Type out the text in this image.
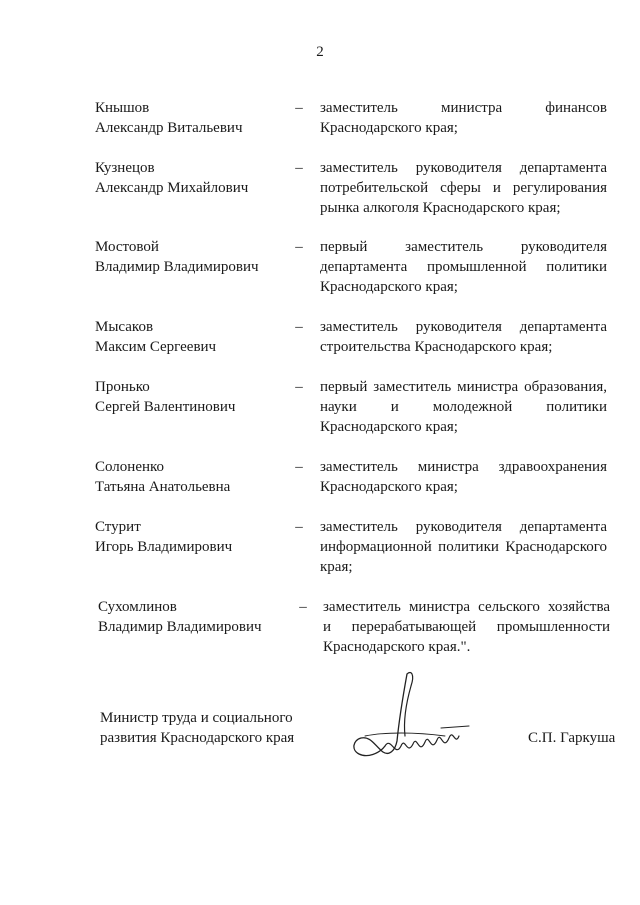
2
Кнышов
Александр Витальевич
– заместитель министра финансов
Краснодарского края;
Кузнецов
Александр Михайлович
– заместитель руководителя департамента
потребительской сферы и регулирования
рынка алкоголя Краснодарского края;
Мостовой
Владимир Владимирович
– первый заместитель руководителя
департамента промышленной политики
Краснодарского края;
Мысаков
Максим Сергеевич
– заместитель руководителя департамента
строительства Краснодарского края;
Пронько
Сергей Валентинович
– первый заместитель министра образования,
науки и молодежной политики
Краснодарского края;
Солоненко
Татьяна Анатольевна
– заместитель министра здравоохранения
Краснодарского края;
Стурит
Игорь Владимирович
– заместитель руководителя департамента
информационной политики Краснодарского
края;
Сухомлинов
Владимир Владимирович
– заместитель министра сельского хозяйства
и перерабатывающей промышленности
Краснодарского края.".
Министр труда и социального
развития Краснодарского края	С.П. Гаркуша
